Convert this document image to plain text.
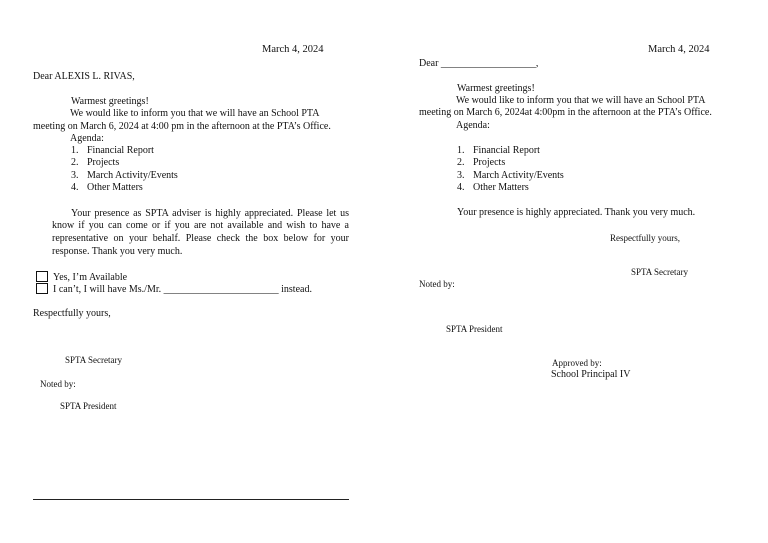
March 4, 2024
Dear ALEXIS L. RIVAS,
Warmest greetings!
We would like to inform you that we will have an School PTA
meeting on March 6, 2024 at 4:00 pm in the afternoon at the PTA’s Office.
Agenda:
1. Financial Report
2. Projects
3. March Activity/Events
4. Other Matters
Your presence as SPTA adviser is highly appreciated. Please let us
know if you can come or if you are not available and wish to have a
representative on your behalf. Please check the box below for your
response. Thank you very much.
Yes, I’m Available
I can’t, I will have Ms./Mr. _______________________ instead.
Respectfully yours,
SPTA Secretary
Noted by:
SPTA President
March 4, 2024
Dear ___________________,
Warmest greetings!
We would like to inform you that we will have an School PTA
meeting on March 6, 2024at 4:00pm in the afternoon at the PTA’s Office.
Agenda:
1. Financial Report
2. Projects
3. March Activity/Events
4. Other Matters
Your presence is highly appreciated. Thank you very much.
Respectfully yours,
SPTA Secretary
Noted by:
SPTA President
Approved by:
School Principal IV
